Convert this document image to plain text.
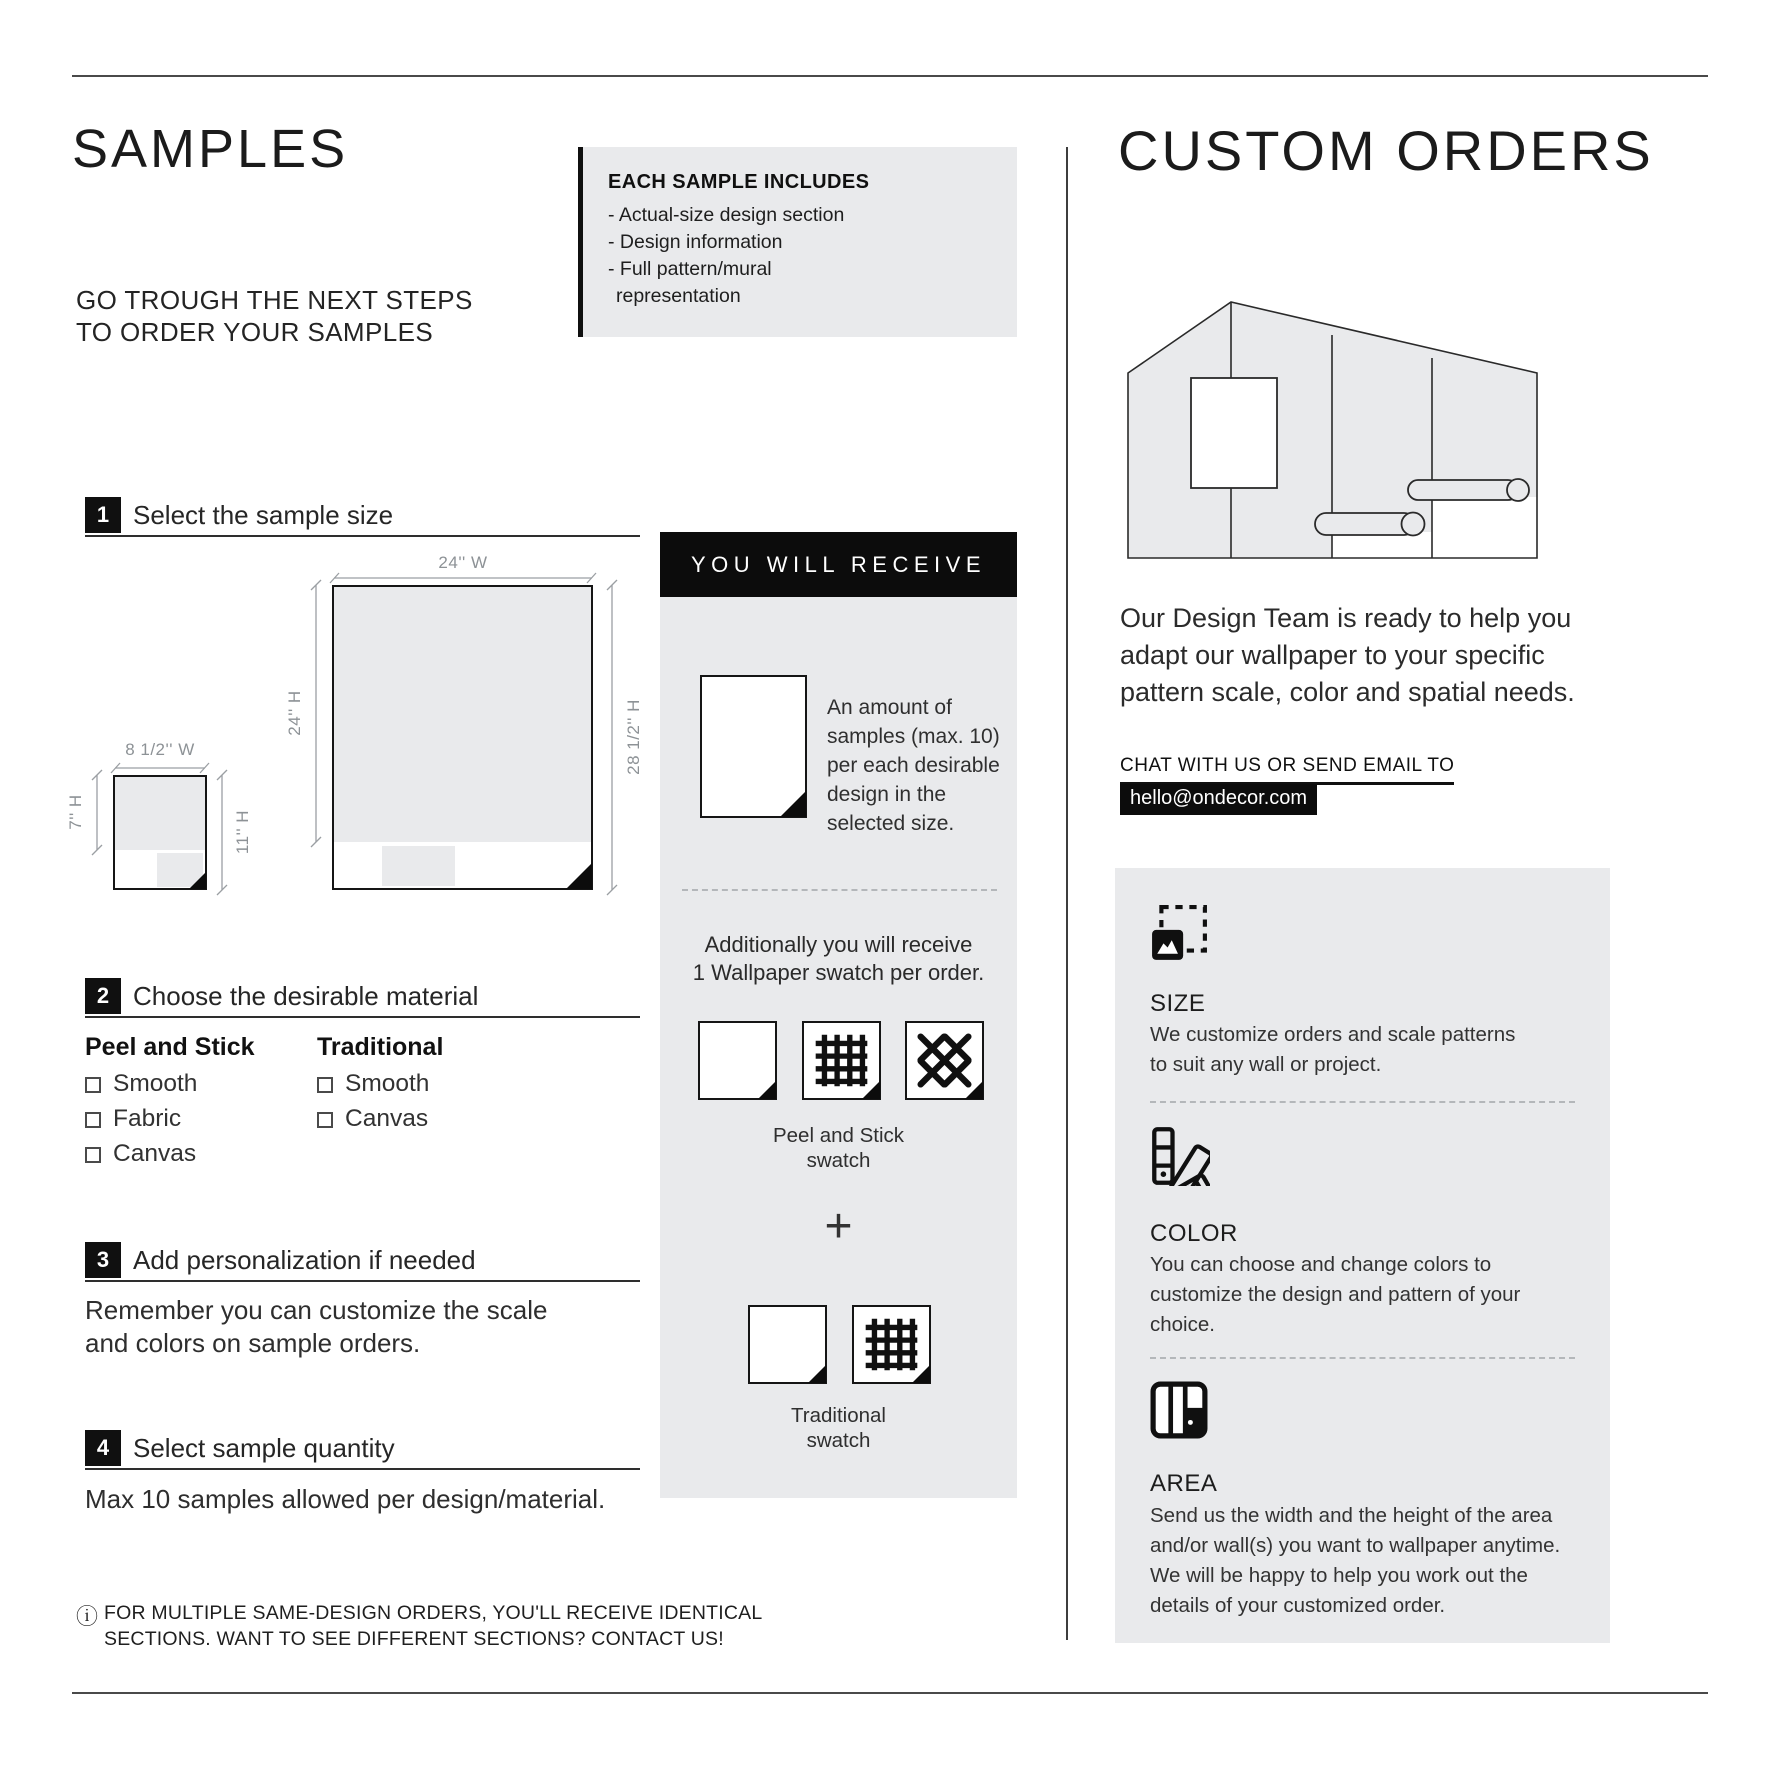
SAMPLES
GO TROUGH THE NEXT STEPS
TO ORDER YOUR SAMPLES
EACH SAMPLE INCLUDES
- Actual-size design section
- Design information
- Full pattern/mural
representation
1 Select the sample size
24'' W
24'' H	28 1/2'' H
8 1/2'' W
7'' H	11'' H
2 Choose the desirable material
Peel and Stick Traditional
Smooth
Fabric
Canvas
Smooth
Canvas
3 Add personalization if needed
Remember you can customize the scale
and colors on sample orders.
4 Select sample quantity
Max 10 samples allowed per design/material.
ⓘ FOR MULTIPLE SAME-DESIGN ORDERS, YOU'LL RECEIVE IDENTICAL
SECTIONS. WANT TO SEE DIFFERENT SECTIONS? CONTACT US!
YOU WILL RECEIVE
An amount of
samples (max. 10)
per each desirable
design in the
selected size.
Additionally you will receive
1 Wallpaper swatch per order.
Peel and Stick
swatch
+
Traditional
swatch
CUSTOM ORDERS
Our Design Team is ready to help you
adapt our wallpaper to your specific
pattern scale, color and spatial needs.
CHAT WITH US OR SEND EMAIL TO
hello@ondecor.com
SIZE
We customize orders and scale patterns
to suit any wall or project.
COLOR
You can choose and change colors to
customize the design and pattern of your
choice.
AREA
Send us the width and the height of the area
and/or wall(s) you want to wallpaper anytime.
We will be happy to help you work out the
details of your customized order.
